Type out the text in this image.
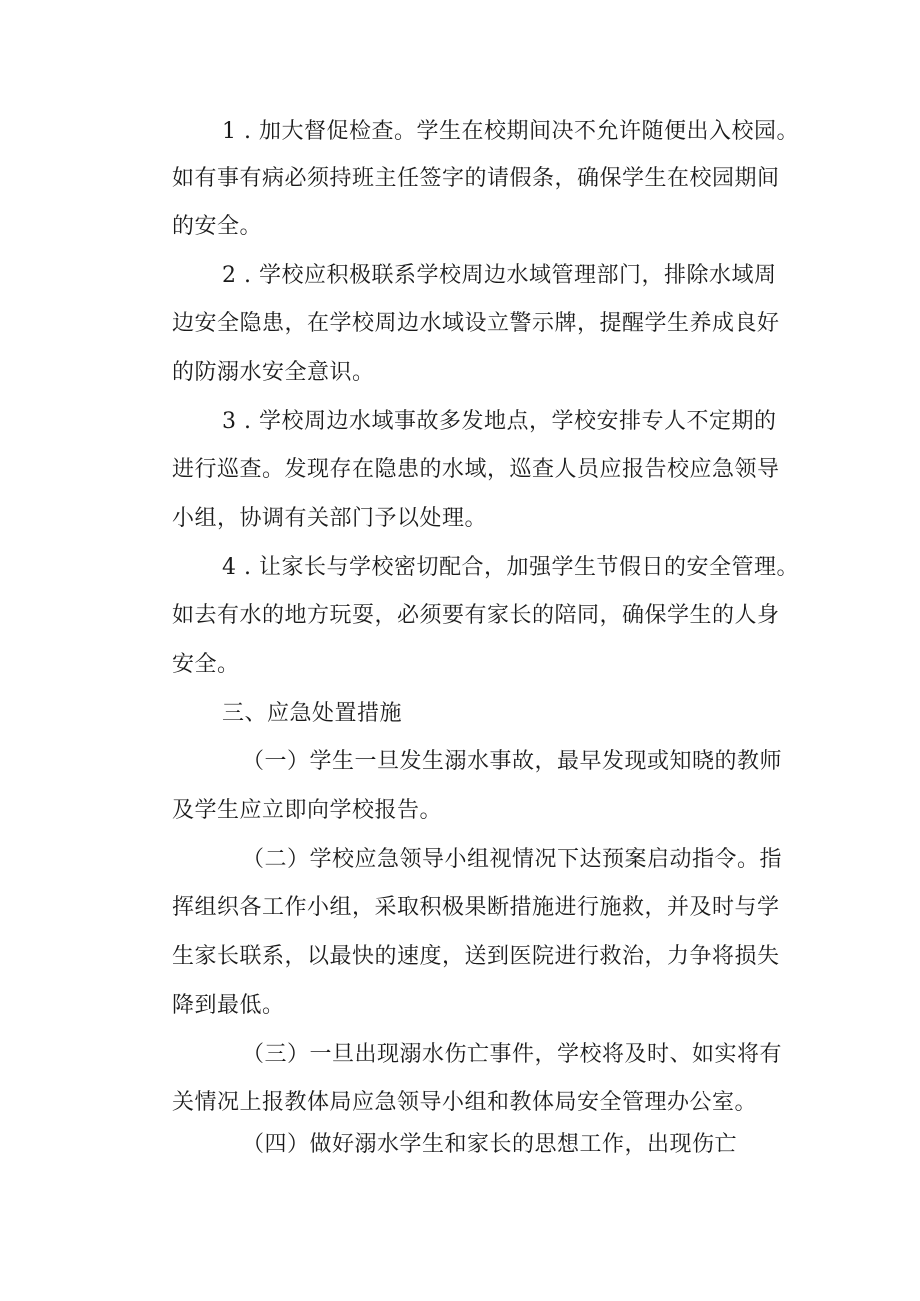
1 . 加大督促检查。学生在校期间决不允许随便出入校园。
如有事有病必须持班主任签字的请假条，确保学生在校园期间
的安全。
2 . 学校应积极联系学校周边水域管理部门，排除水域周
边安全隐患，在学校周边水域设立警示牌，提醒学生养成良好
的防溺水安全意识。
3 . 学校周边水域事故多发地点，学校安排专人不定期的
进行巡查。发现存在隐患的水域，巡查人员应报告校应急领导
小组，协调有关部门予以处理。
4 . 让家长与学校密切配合，加强学生节假日的安全管理。
如去有水的地方玩耍，必须要有家长的陪同，确保学生的人身
安全。
三、应急处置措施
（一）学生一旦发生溺水事故，最早发现或知晓的教师
及学生应立即向学校报告。
（二）学校应急领导小组视情况下达预案启动指令。指
挥组织各工作小组，采取积极果断措施进行施救，并及时与学
生家长联系，以最快的速度，送到医院进行救治，力争将损失
降到最低。
（三）一旦出现溺水伤亡事件，学校将及时、如实将有
关情况上报教体局应急领导小组和教体局安全管理办公室。
（四）做好溺水学生和家长的思想工作，出现伤亡
